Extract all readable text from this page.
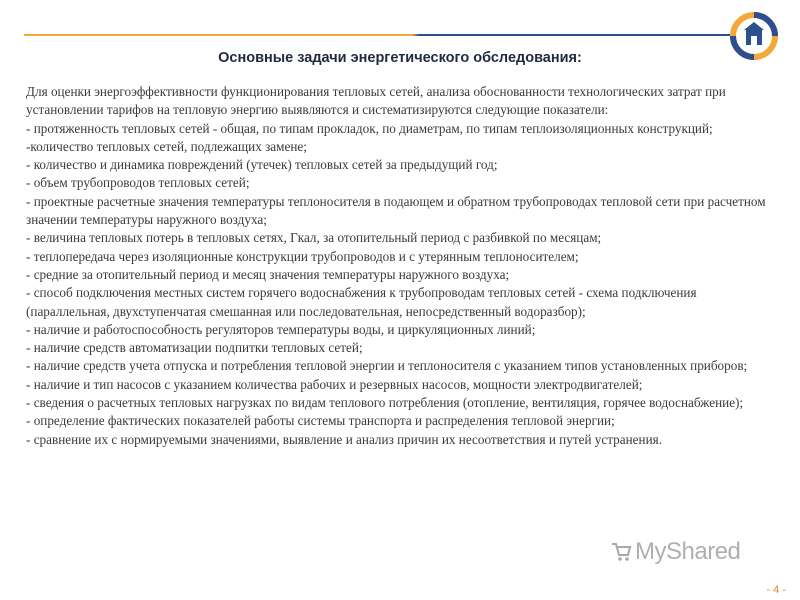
Основные задачи энергетического обследования:

Для оценки энергоэффективности функционирования тепловых сетей, анализа обоснованности технологических затрат при установлении тарифов на тепловую энергию выявляются и систематизируются следующие показатели:

- протяженность тепловых сетей - общая, по типам прокладок, по диаметрам, по типам теплоизоляционных конструкций;

-количество тепловых сетей, подлежащих замене;

- количество и динамика повреждений (утечек) тепловых сетей за предыдущий год;

- объем трубопроводов тепловых сетей;

- проектные расчетные значения температуры теплоносителя в подающем и обратном трубопроводах тепловой сети при расчетном значении температуры наружного воздуха;

- величина тепловых потерь в тепловых сетях, Гкал, за отопительный период с разбивкой по месяцам;

- теплопередача через изоляционные конструкции трубопроводов и с утерянным теплоносителем;

- средние за отопительный период и месяц значения температуры наружного воздуха;

- способ подключения местных систем горячего водоснабжения к трубопроводам тепловых сетей - схема подключения (параллельная, двухступенчатая смешанная или последовательная, непосредственный водоразбор);

- наличие и работоспособность регуляторов температуры воды, и циркуляционных линий;

- наличие средств автоматизации подпитки тепловых сетей;

- наличие средств учета отпуска и потребления тепловой энергии и теплоносителя с указанием типов установленных приборов;

- наличие и тип насосов с указанием количества рабочих и резервных насосов, мощности электродвигателей;

- сведения о расчетных тепловых нагрузках по видам теплового потребления (отопление, вентиляция, горячее водоснабжение);

- определение фактических показателей работы системы транспорта и распределения тепловой энергии;

- сравнение их с нормируемыми значениями, выявление и анализ причин их несоответствия и путей устранения.

MyShared
- 4 -
